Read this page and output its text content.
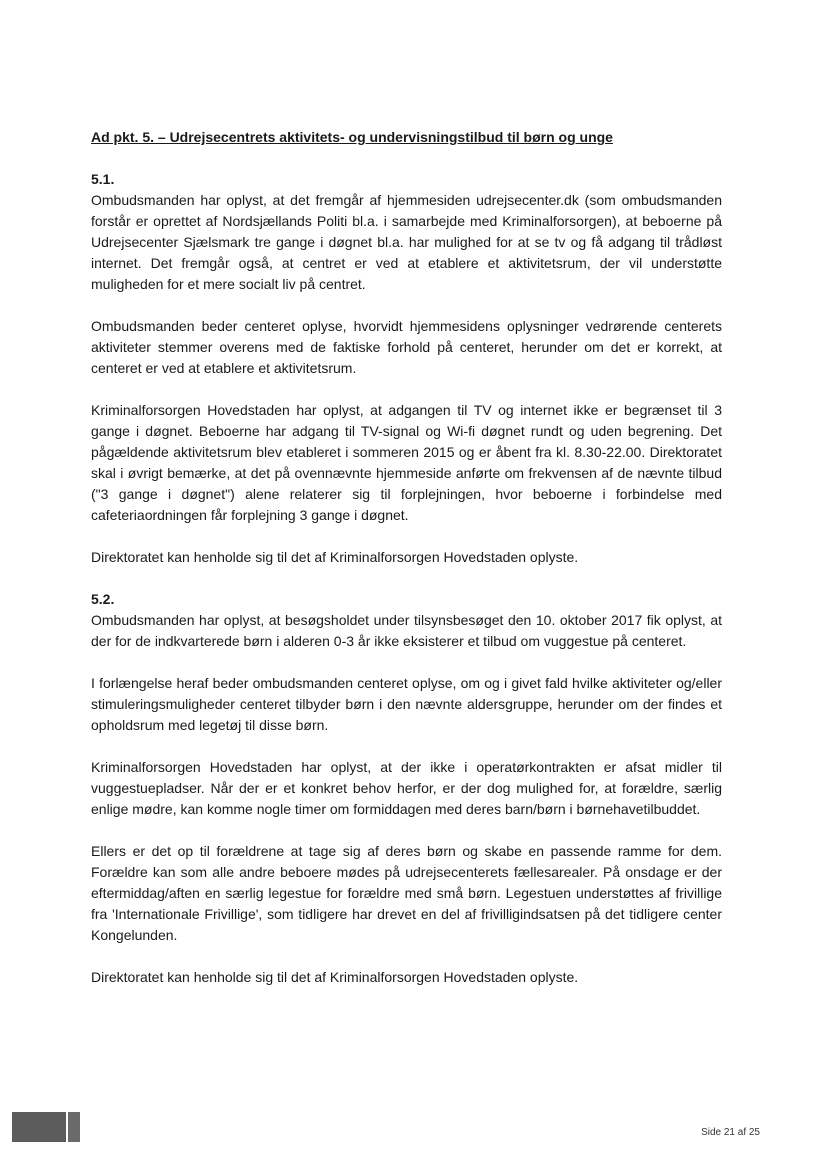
Ad pkt. 5. – Udrejsecentrets aktivitets- og undervisningstilbud til børn og unge
5.1.

Ombudsmanden har oplyst, at det fremgår af hjemmesiden udrejsecenter.dk (som ombudsmanden forstår er oprettet af Nordsjællands Politi bl.a. i samarbejde med Kriminalforsorgen), at beboerne på Udrejsecenter Sjælsmark tre gange i døgnet bl.a. har mulighed for at se tv og få adgang til trådløst internet. Det fremgår også, at centret er ved at etablere et aktivitetsrum, der vil understøtte muligheden for et mere socialt liv på centret.

Ombudsmanden beder centeret oplyse, hvorvidt hjemmesidens oplysninger vedrørende centerets aktiviteter stemmer overens med de faktiske forhold på centeret, herunder om det er korrekt, at centeret er ved at etablere et aktivitetsrum.

Kriminalforsorgen Hovedstaden har oplyst, at adgangen til TV og internet ikke er begrænset til 3 gange i døgnet. Beboerne har adgang til TV-signal og Wi-fi døgnet rundt og uden begrening. Det pågældende aktivitetsrum blev etableret i sommeren 2015 og er åbent fra kl. 8.30-22.00. Direktoratet skal i øvrigt bemærke, at det på ovennævnte hjemmeside anførte om frekvensen af de nævnte tilbud ("3 gange i døgnet") alene relaterer sig til forplejningen, hvor beboerne i forbindelse med cafeteriaordningen får forplejning 3 gange i døgnet.

Direktoratet kan henholde sig til det af Kriminalforsorgen Hovedstaden oplyste.

5.2.

Ombudsmanden har oplyst, at besøgsholdet under tilsynsbesøget den 10. oktober 2017 fik oplyst, at der for de indkvarterede børn i alderen 0-3 år ikke eksisterer et tilbud om vuggestue på centeret.

I forlængelse heraf beder ombudsmanden centeret oplyse, om og i givet fald hvilke aktiviteter og/eller stimuleringsmuligheder centeret tilbyder børn i den nævnte aldersgruppe, herunder om der findes et opholdsrum med legetøj til disse børn.

Kriminalforsorgen Hovedstaden har oplyst, at der ikke i operatørkontrakten er afsat midler til vuggestuepladser. Når der er et konkret behov herfor, er der dog mulighed for, at forældre, særlig enlige mødre, kan komme nogle timer om formiddagen med deres barn/børn i børnehavetilbuddet.

Ellers er det op til forældrene at tage sig af deres børn og skabe en passende ramme for dem. Forældre kan som alle andre beboere mødes på udrejsecenterets fællesarealer. På onsdage er der eftermiddag/aften en særlig legestue for forældre med små børn. Legestuen understøttes af frivillige fra 'Internationale Frivillige', som tidligere har drevet en del af frivilligindsatsen på det tidligere center Kongelunden.

Direktoratet kan henholde sig til det af Kriminalforsorgen Hovedstaden oplyste.

Side 21 af 25
